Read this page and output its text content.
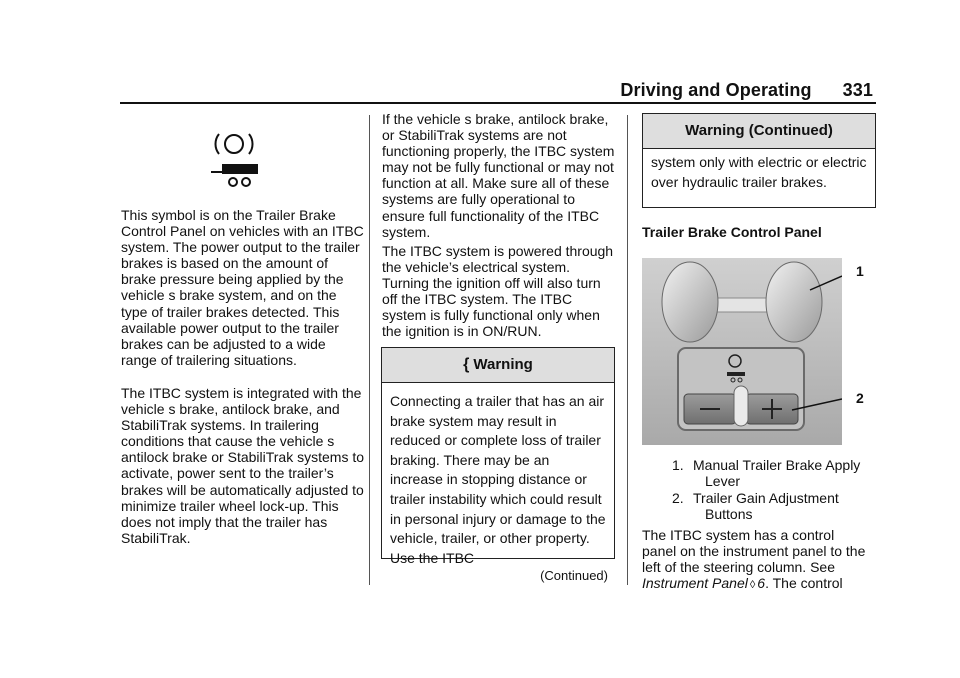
Driving and Operating 331

This symbol is on the Trailer Brake Control Panel on vehicles with an ITBC system. The power output to the trailer brakes is based on the amount of brake pressure being applied by the vehicle s brake system, and on the type of trailer brakes detected. This available power output to the trailer brakes can be adjusted to a wide range of trailering situations.

The ITBC system is integrated with the vehicle s brake, antilock brake, and StabiliTrak systems. In trailering conditions that cause the vehicle s antilock brake or StabiliTrak systems to activate, power sent to the trailer’s brakes will be automatically adjusted to minimize trailer wheel lock-up. This does not imply that the trailer has StabiliTrak.

If the vehicle s brake, antilock brake, or StabiliTrak systems are not functioning properly, the ITBC system may not be fully functional or may not function at all. Make sure all of these systems are fully operational to ensure full functionality of the ITBC system.

The ITBC system is powered through the vehicle’s electrical system. Turning the ignition off will also turn off the ITBC system. The ITBC system is fully functional only when the ignition is in ON/RUN.

{ Warning
Connecting a trailer that has an air brake system may result in reduced or complete loss of trailer braking. There may be an increase in stopping distance or trailer instability which could result in personal injury or damage to the vehicle, trailer, or other property. Use the ITBC
(Continued)
Warning (Continued)
system only with electric or electric over hydraulic trailer brakes.
Trailer Brake Control Panel
1
2
1. Manual Trailer Brake Apply
Lever
2. Trailer Gain Adjustment
Buttons
The ITBC system has a control
panel on the instrument panel to the
left of the steering column. See
Instrument Panel ◊ 6. The control
